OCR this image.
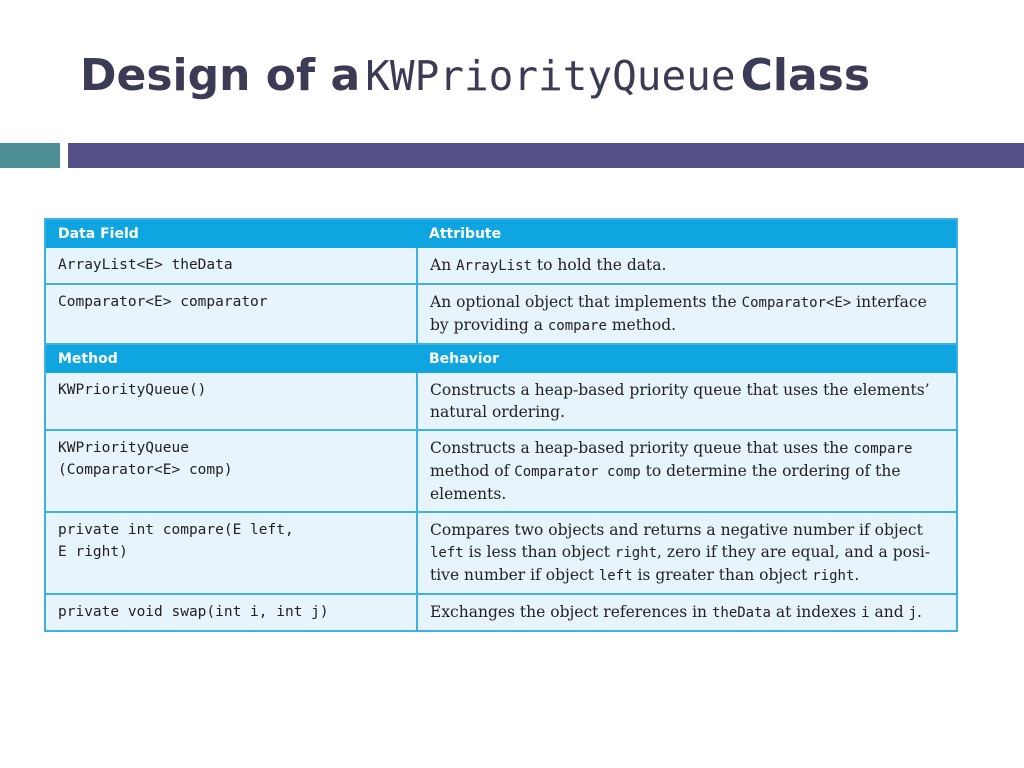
Design of a KWPriorityQueue Class
Data Field	Attribute
ArrayList<E> theData	An ArrayList to hold the data.
Comparator<E> comparator	An optional object that implements the Comparator<E> interface by providing a compare method.
Method	Behavior

KWPriorityQueue()	Constructs a heap-based priority queue that uses the elements’ natural ordering.

KWPriorityQueue
(Comparator<E> comp)	Constructs a heap-based priority queue that uses the compare method of Comparator comp to determine the ordering of the elements.

private int compare(E left,
E right)	Compares two objects and returns a negative number if object left is less than object right, zero if they are equal, and a posi-tive number if object left is greater than object right.

private void swap(int i, int j)	Exchanges the object references in theData at indexes i and j.
